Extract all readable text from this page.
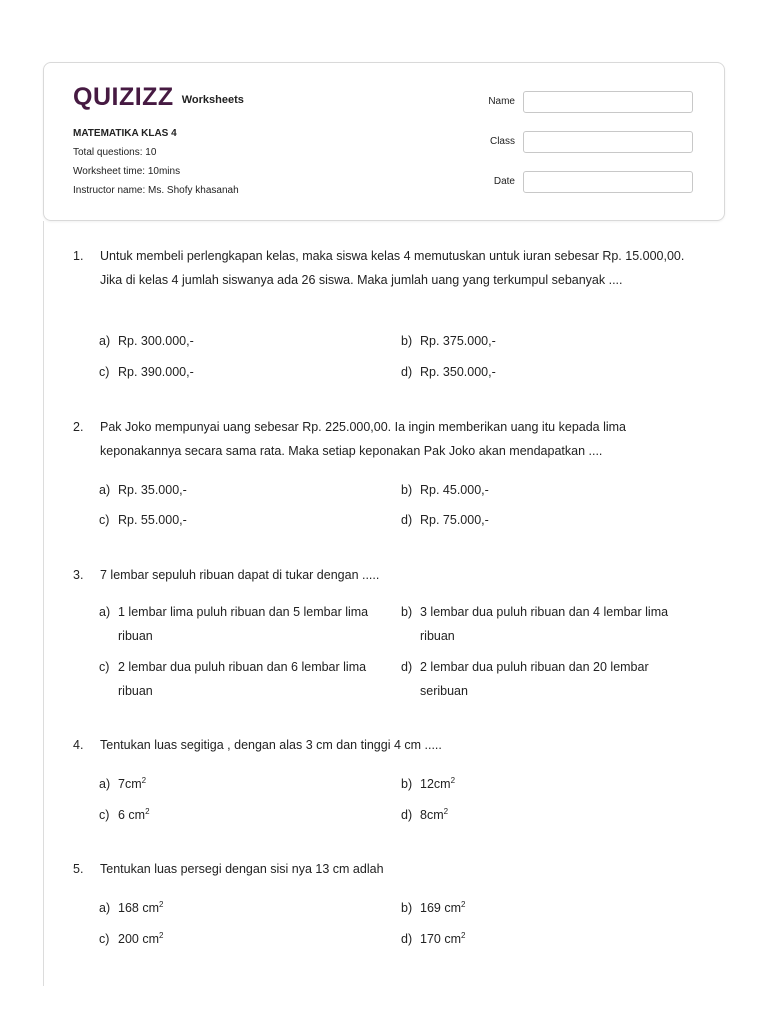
QUIZIZZ Worksheets
MATEMATIKA KLAS 4
Total questions: 10
Worksheet time: 10mins
Instructor name: Ms. Shofy khasanah
Name
Class
Date
1. Untuk membeli perlengkapan kelas, maka siswa kelas 4 memutuskan untuk iuran sebesar Rp. 15.000,00. Jika di kelas 4 jumlah siswanya ada 26 siswa. Maka jumlah uang yang terkumpul sebanyak ....
a) Rp. 300.000,-	b) Rp. 375.000,-
c) Rp. 390.000,-	d) Rp. 350.000,-
2. Pak Joko mempunyai uang sebesar Rp. 225.000,00. Ia ingin memberikan uang itu kepada lima keponakannya secara sama rata. Maka setiap keponakan Pak Joko akan mendapatkan ....
a) Rp. 35.000,-	b) Rp. 45.000,-
c) Rp. 55.000,-	d) Rp. 75.000,-
3. 7 lembar sepuluh ribuan dapat di tukar dengan .....
a) 1 lembar lima puluh ribuan dan 5 lembar lima ribuan
b) 3 lembar dua puluh ribuan dan 4 lembar lima ribuan
c) 2 lembar dua puluh ribuan dan 6 lembar lima ribuan
d) 2 lembar dua puluh ribuan dan 20 lembar seribuan
4. Tentukan luas segitiga , dengan alas 3 cm dan tinggi 4 cm .....
a) $7cm^2$	b) $12cm^2$
c) 6 $cm^2$	d) $8cm^2$
5. Tentukan luas persegi dengan sisi nya 13 cm adlah
a) 168 $cm^2$	b) 169 $cm^2$
c) 200 $cm^2$	d) 170 $cm^2$
